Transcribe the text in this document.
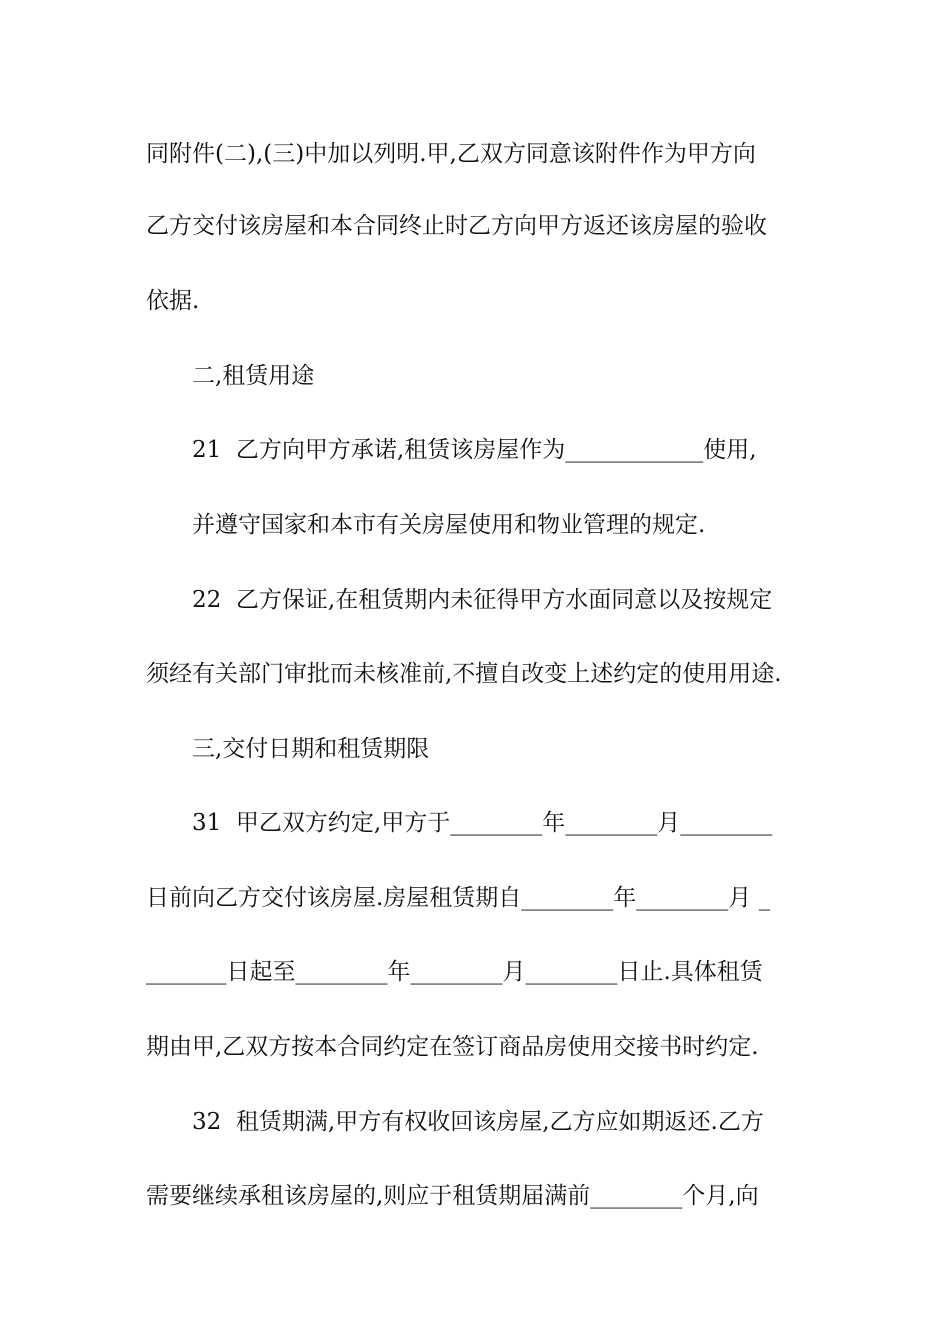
同附件(二),(三)中加以列明.甲,乙双方同意该附件作为甲方向
乙方交付该房屋和本合同终止时乙方向甲方返还该房屋的验收
依据.
二,租赁用途
21  乙方向甲方承诺,租赁该房屋作为____________使用,
并遵守国家和本市有关房屋使用和物业管理的规定.
22  乙方保证,在租赁期内未征得甲方水面同意以及按规定
须经有关部门审批而未核准前,不擅自改变上述约定的使用用途.
三,交付日期和租赁期限
31  甲乙双方约定,甲方于________年________月________
日前向乙方交付该房屋.房屋租赁期自________年________月 _
_______日起至________年________月________日止.具体租赁
期由甲,乙双方按本合同约定在签订商品房使用交接书时约定.
32  租赁期满,甲方有权收回该房屋,乙方应如期返还.乙方
需要继续承租该房屋的,则应于租赁期届满前________个月,向
